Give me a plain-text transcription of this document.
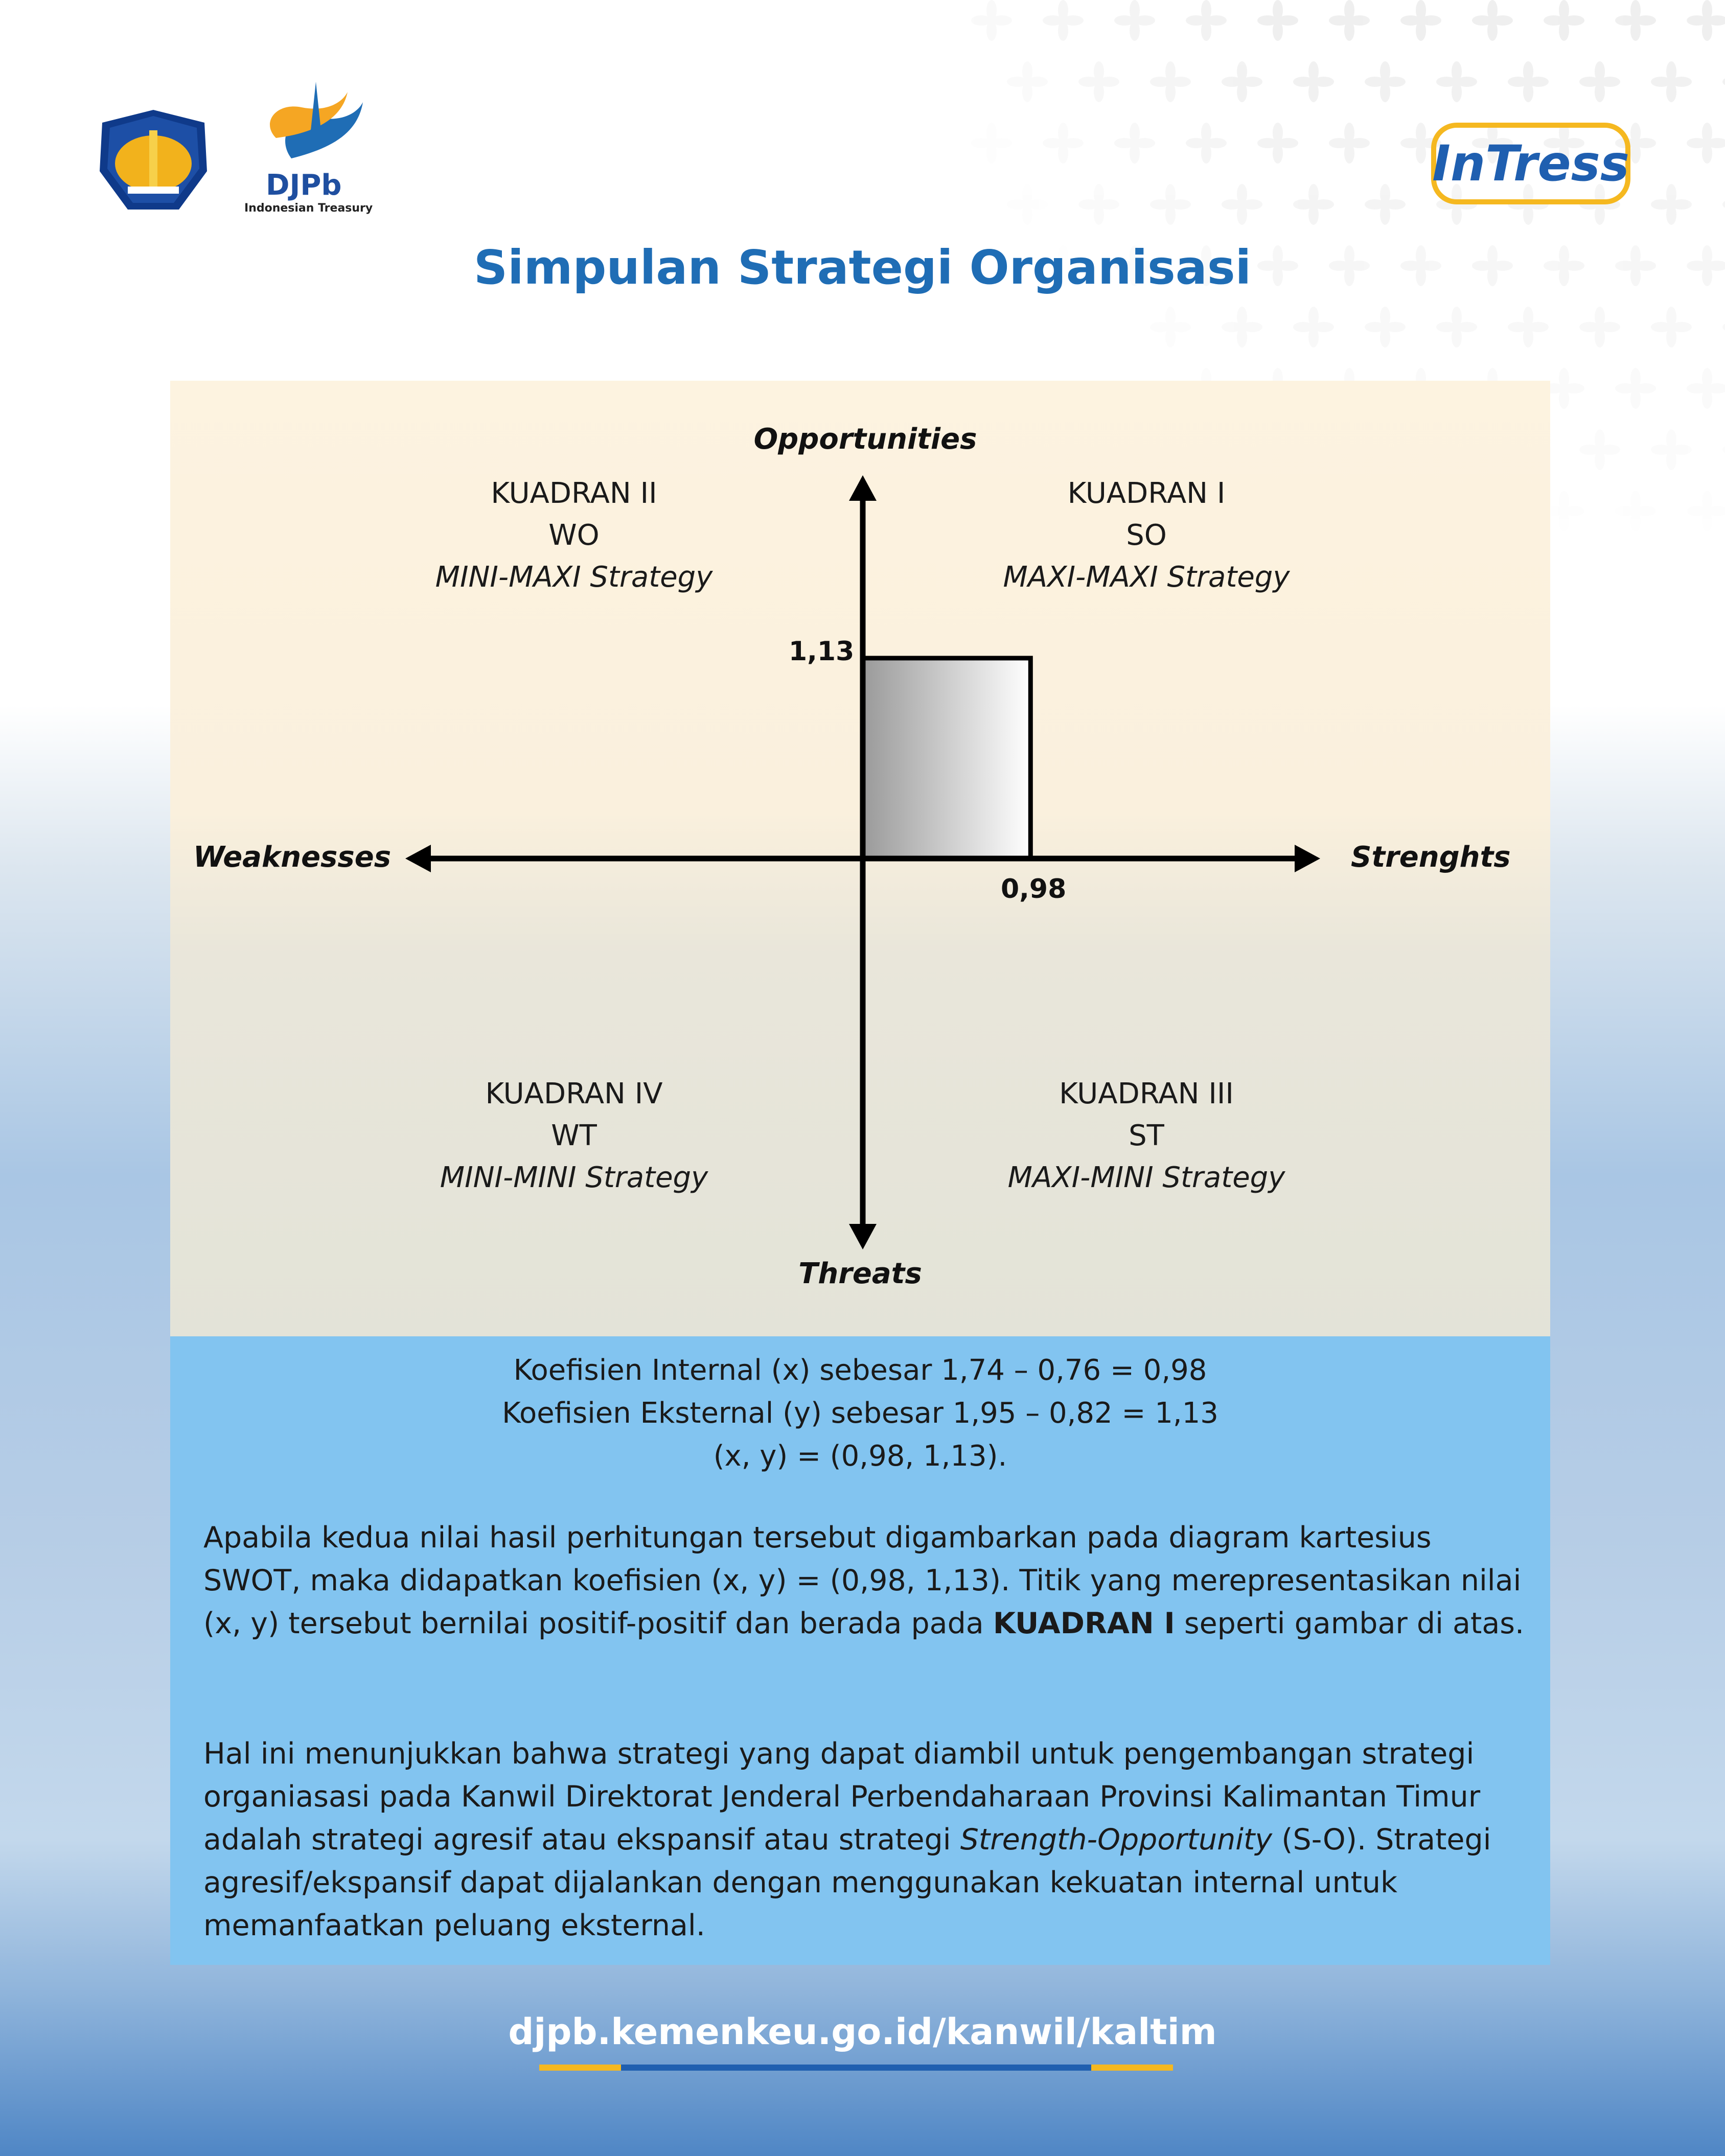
DJPb
Indonesian Treasury
InTress
Simpulan Strategi Organisasi
Opportunities
Threats
Weaknesses	Strenghts
1,13
0,98
KUADRAN II
WO
MINI-MAXI Strategy
KUADRAN I
SO
MAXI-MAXI Strategy
KUADRAN IV
WT
MINI-MINI Strategy
KUADRAN III
ST
MAXI-MINI Strategy
Koefisien Internal (x) sebesar 1,74 – 0,76 = 0,98
Koefisien Eksternal (y) sebesar 1,95 – 0,82 = 1,13
(x, y) = (0,98, 1,13).
Apabila kedua nilai hasil perhitungan tersebut digambarkan pada diagram kartesius SWOT, maka didapatkan koefisien (x, y) = (0,98, 1,13). Titik yang merepresentasikan nilai (x, y) tersebut bernilai positif-positif dan berada pada KUADRAN I seperti gambar di atas.
Hal ini menunjukkan bahwa strategi yang dapat diambil untuk pengembangan strategi organiasasi pada Kanwil Direktorat Jenderal Perbendaharaan Provinsi Kalimantan Timur adalah strategi agresif atau ekspansif atau strategi Strength-Opportunity (S-O). Strategi agresif/ekspansif dapat dijalankan dengan menggunakan kekuatan internal untuk memanfaatkan peluang eksternal.
djpb.kemenkeu.go.id/kanwil/kaltim
